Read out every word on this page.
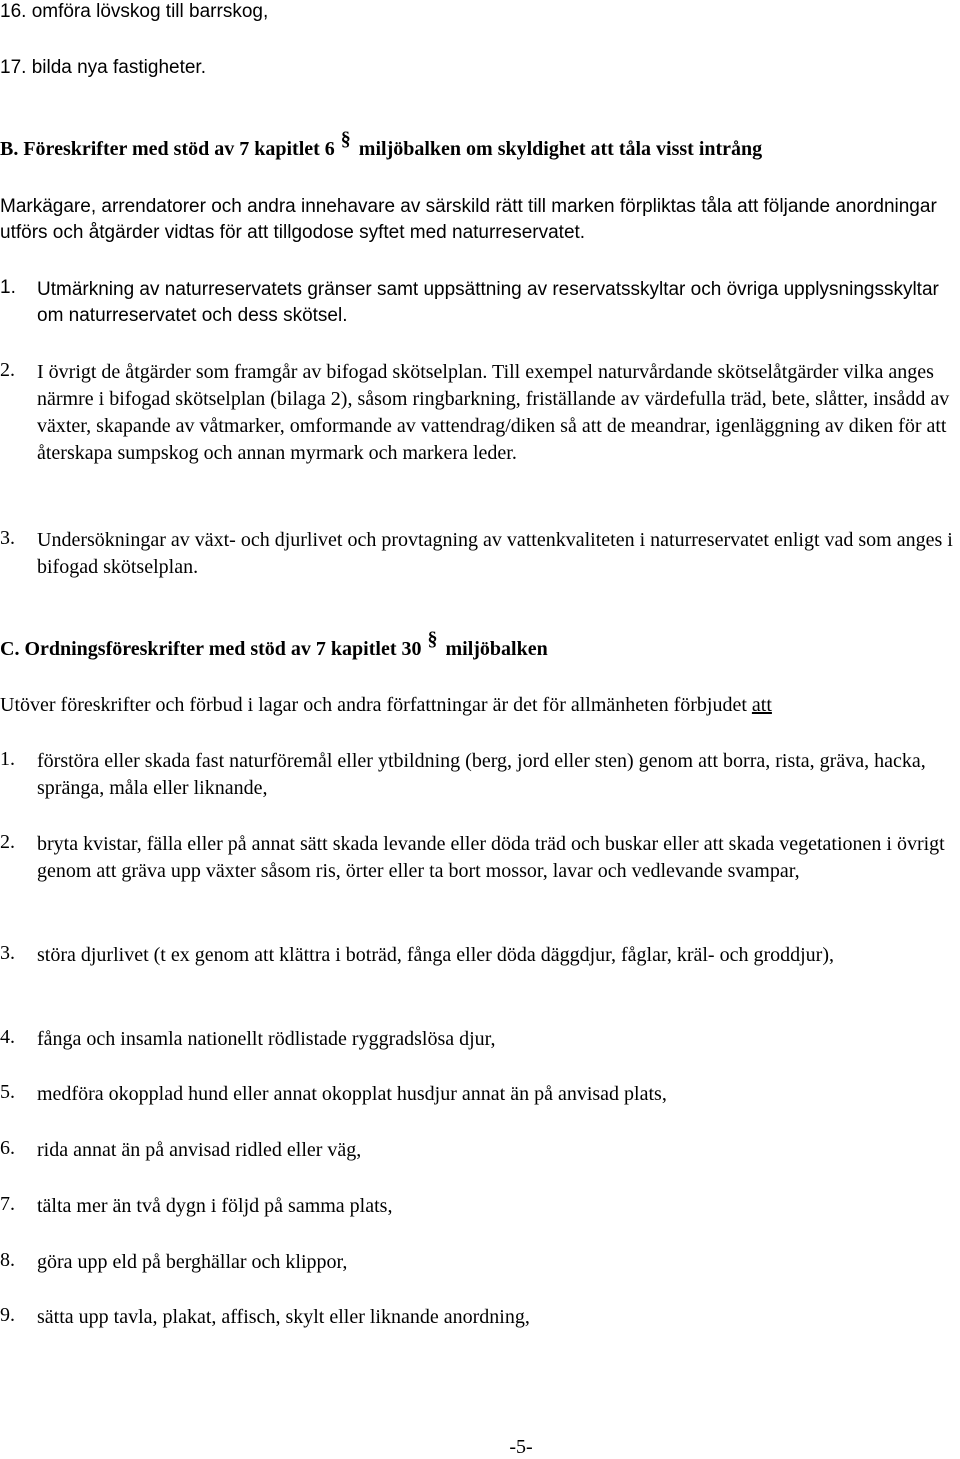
16. omföra lövskog till barrskog,
17. bilda nya fastigheter.
B. Föreskrifter med stöd av 7 kapitlet 6 § miljöbalken om skyldighet att tåla visst intrång
Markägare, arrendatorer och andra innehavare av särskild rätt till marken förpliktas tåla att följande anordningar utförs och åtgärder vidtas för att tillgodose syftet med naturreservatet.
1. Utmärkning av naturreservatets gränser samt uppsättning av reservatsskyltar och övriga upplysningsskyltar om naturreservatet och dess skötsel.
2. I övrigt de åtgärder som framgår av bifogad skötselplan. Till exempel naturvårdande skötselåtgärder vilka anges närmre i bifogad skötselplan (bilaga 2), såsom ringbarkning, friställande av värdefulla träd, bete, slåtter, insådd av växter, skapande av våtmarker, omformande av vattendrag/diken så att de meandrar, igenläggning av diken för att återskapa sumpskog och annan myrmark och markera leder.
3. Undersökningar av växt- och djurlivet och provtagning av vattenkvaliteten i naturreservatet enligt vad som anges i bifogad skötselplan.
C. Ordningsföreskrifter med stöd av 7 kapitlet 30 § miljöbalken
Utöver föreskrifter och förbud i lagar och andra författningar är det för allmänheten förbjudet att
1. förstöra eller skada fast naturföremål eller ytbildning (berg, jord eller sten) genom att borra, rista, gräva, hacka, spränga, måla eller liknande,
2. bryta kvistar, fälla eller på annat sätt skada levande eller döda träd och buskar eller att skada vegetationen i övrigt genom att gräva upp växter såsom ris, örter eller ta bort mossor, lavar och vedlevande svampar,
3. störa djurlivet (t ex genom att klättra i boträd, fånga eller döda däggdjur, fåglar, kräl- och groddjur),
4. fånga och insamla nationellt rödlistade ryggradslösa djur,
5. medföra okopplad hund eller annat okopplat husdjur annat än på anvisad plats,
6. rida annat än på anvisad ridled eller väg,
7. tälta mer än två dygn i följd på samma plats,
8. göra upp eld på berghällar och klippor,
9. sätta upp tavla, plakat, affisch, skylt eller liknande anordning,
-5-
